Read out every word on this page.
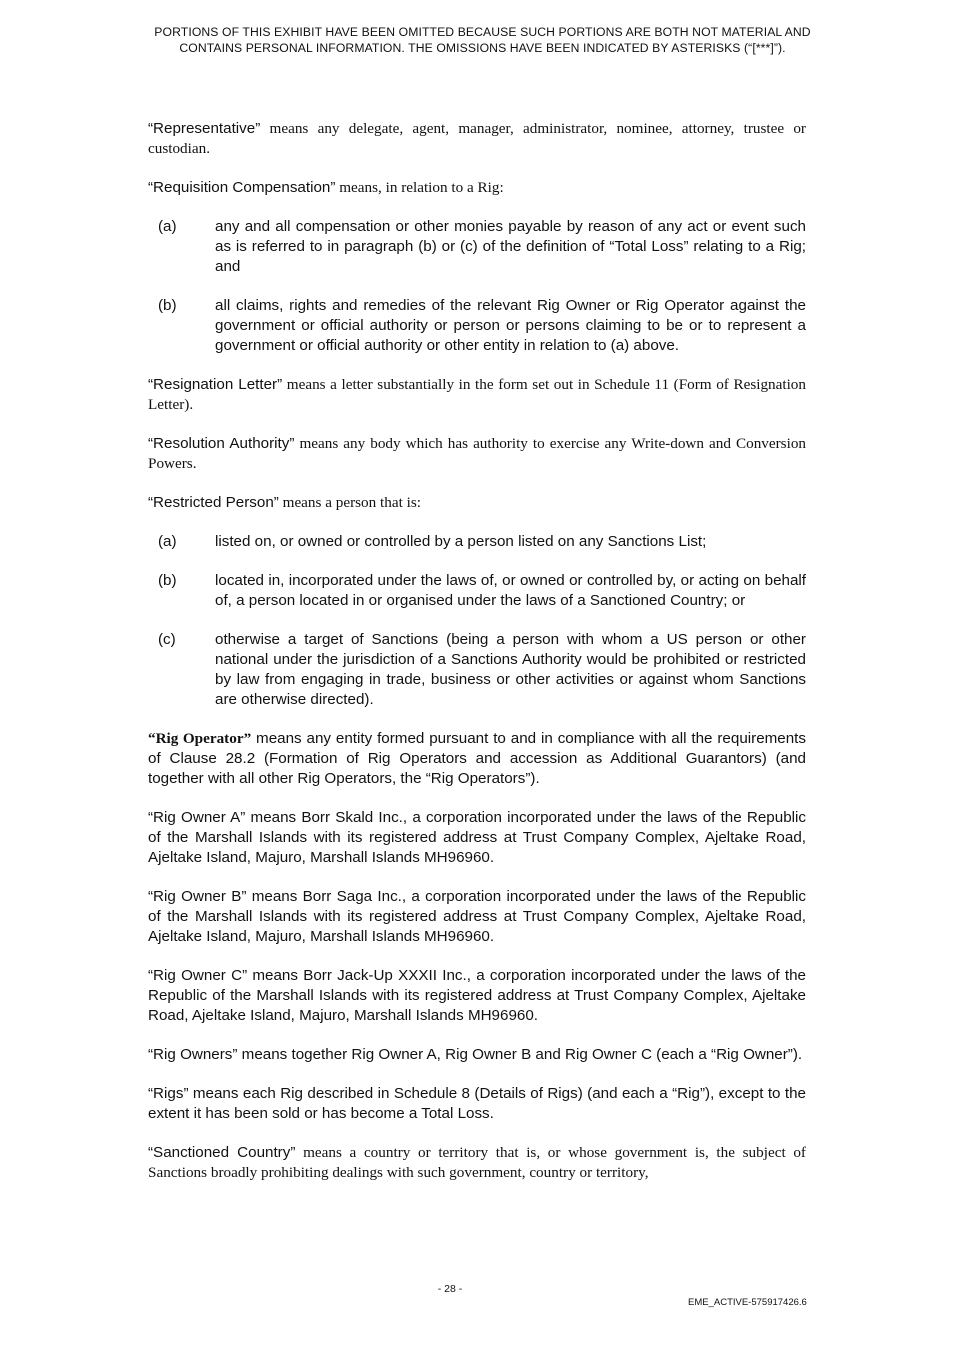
PORTIONS OF THIS EXHIBIT HAVE BEEN OMITTED BECAUSE SUCH PORTIONS ARE BOTH NOT MATERIAL AND
CONTAINS PERSONAL INFORMATION. THE OMISSIONS HAVE BEEN INDICATED BY ASTERISKS (“[***]”).

“Representative” means any delegate, agent, manager, administrator, nominee, attorney, trustee or custodian.

“Requisition Compensation” means, in relation to a Rig:

(a)	any and all compensation or other monies payable by reason of any act or event such as is referred to in paragraph (b) or (c) of the definition of “Total Loss” relating to a Rig; and
(b)	all claims, rights and remedies of the relevant Rig Owner or Rig Operator against the government or official authority or person or persons claiming to be or to represent a government or official authority or other entity in relation to (a) above.

“Resignation Letter” means a letter substantially in the form set out in Schedule 11 (Form of Resignation Letter).

“Resolution Authority” means any body which has authority to exercise any Write-down and Conversion Powers.

“Restricted Person” means a person that is:

(a)	listed on, or owned or controlled by a person listed on any Sanctions List;
(b)	located in, incorporated under the laws of, or owned or controlled by, or acting on behalf of, a person located in or organised under the laws of a Sanctioned Country; or
(c)	otherwise a target of Sanctions (being a person with whom a US person or other national under the jurisdiction of a Sanctions Authority would be prohibited or restricted by law from engaging in trade, business or other activities or against whom Sanctions are otherwise directed).

“Rig Operator” means any entity formed pursuant to and in compliance with all the requirements of Clause 28.2 (Formation of Rig Operators and accession as Additional Guarantors) (and together with all other Rig Operators, the “Rig Operators”).

“Rig Owner A” means Borr Skald Inc., a corporation incorporated under the laws of the Republic of the Marshall Islands with its registered address at Trust Company Complex, Ajeltake Road, Ajeltake Island, Majuro, Marshall Islands MH96960.

“Rig Owner B” means Borr Saga Inc., a corporation incorporated under the laws of the Republic of the Marshall Islands with its registered address at Trust Company Complex, Ajeltake Road, Ajeltake Island, Majuro, Marshall Islands MH96960.

“Rig Owner C” means Borr Jack-Up XXXII Inc., a corporation incorporated under the laws of the Republic of the Marshall Islands with its registered address at Trust Company Complex, Ajeltake Road, Ajeltake Island, Majuro, Marshall Islands MH96960.

“Rig Owners” means together Rig Owner A, Rig Owner B and Rig Owner C (each a “Rig Owner”).

“Rigs” means each Rig described in Schedule 8 (Details of Rigs) (and each a “Rig”), except to the extent it has been sold or has become a Total Loss.

“Sanctioned Country” means a country or territory that is, or whose government is, the subject of Sanctions broadly prohibiting dealings with such government, country or territory,

- 28 -
EME_ACTIVE-575917426.6
